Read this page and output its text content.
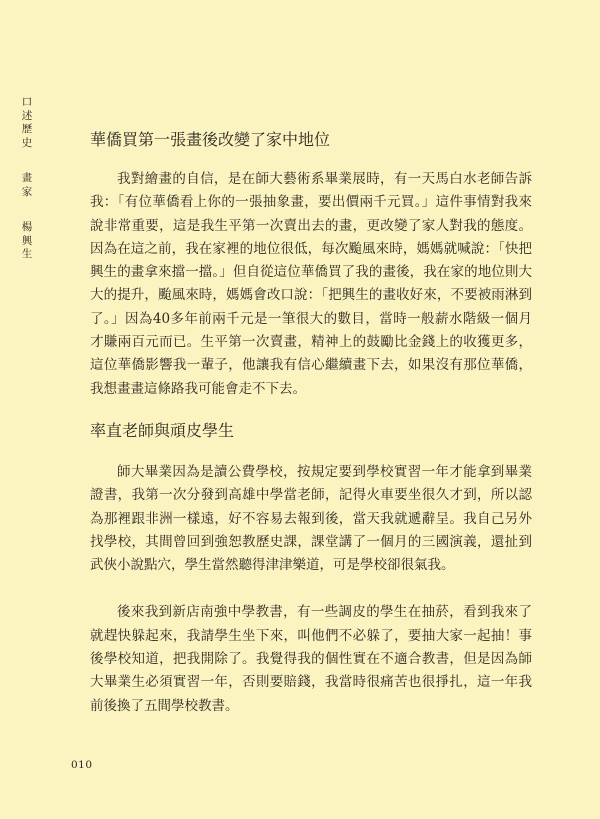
口述歷史
畫家
楊興生
華僑買第一張畫後改變了家中地位

我對繪畫的自信，是在師大藝術系畢業展時，有一天馬白水老師告訴我：「有位華僑看上你的一張抽象畫，要出價兩千元買。」這件事情對我來說非常重要，這是我生平第一次賣出去的畫，更改變了家人對我的態度。因為在這之前，我在家裡的地位很低，每次颱風來時，媽媽就喊說：「快把興生的畫拿來擋一擋。」但自從這位華僑買了我的畫後，我在家的地位則大大的提升，颱風來時，媽媽會改口說：「把興生的畫收好來，不要被雨淋到了。」因為40多年前兩千元是一筆很大的數目，當時一般薪水階級一個月才賺兩百元而已。生平第一次賣畫，精神上的鼓勵比金錢上的收獲更多，這位華僑影響我一輩子，他讓我有信心繼續畫下去，如果沒有那位華僑，我想畫畫這條路我可能會走不下去。

率直老師與頑皮學生

師大畢業因為是讀公費學校，按規定要到學校實習一年才能拿到畢業證書，我第一次分發到高雄中學當老師，記得火車要坐很久才到，所以認為那裡跟非洲一樣遠，好不容易去報到後，當天我就遞辭呈。我自己另外找學校，其間曾回到強恕教歷史課，課堂講了一個月的三國演義，還扯到武俠小說點穴，學生當然聽得津津樂道，可是學校卻很氣我。

後來我到新店南強中學教書，有一些調皮的學生在抽菸，看到我來了就趕快躲起來，我請學生坐下來，叫他們不必躲了，要抽大家一起抽！事後學校知道，把我開除了。我覺得我的個性實在不適合教書，但是因為師大畢業生必須實習一年，否則要賠錢，我當時很痛苦也很掙扎，這一年我前後換了五間學校教書。

010
